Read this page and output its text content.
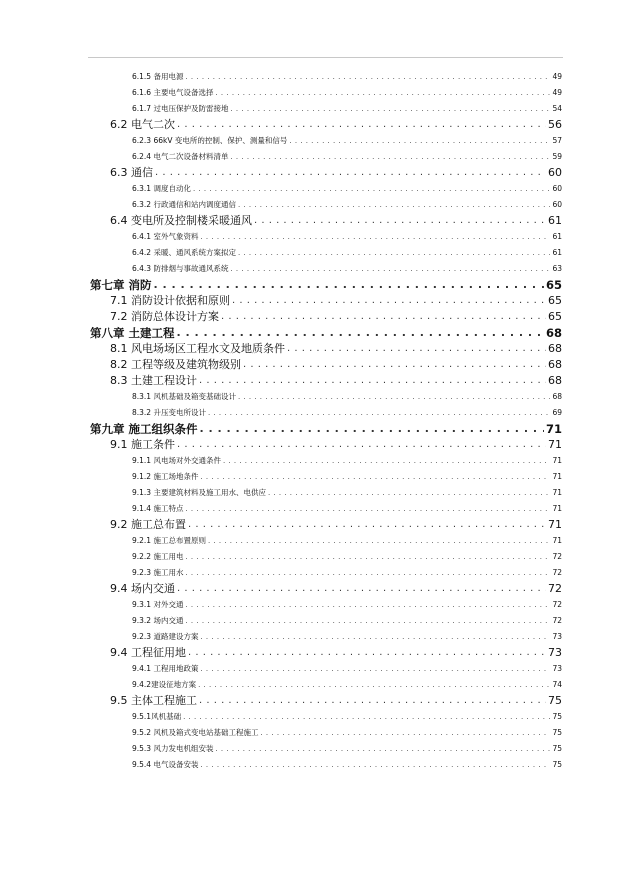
6.1.5 备用电源 . . .	49
6.1.6 主要电气设备选择 . . .	49
6.1.7 过电压保护及防雷接地 . . .	54
6.2 电气二次 . . .	56
6.2.3 66kV 变电所的控制、保护、测量和信号 . . .	57
6.2.4 电气二次设备材料清单 . . .	59
6.3 通信 . . .	60
6.3.1 调度自动化 . . .	60
6.3.2 行政通信和站内调度通信 . . .	60
6.4 变电所及控制楼采暖通风 . . .	61
6.4.1 室外气象资料 . . .	61
6.4.2 采暖、通风系统方案拟定 . . .	61
6.4.3 防排烟与事故通风系统 . . .	63
第七章 消防 . . .	65
7.1 消防设计依据和原则 . . .	65
7.2 消防总体设计方案 . . .	65
第八章 土建工程 . . .	68
8.1 风电场场区工程水文及地质条件 . . .	68
8.2 工程等级及建筑物级别 . . .	68
8.3 土建工程设计 . . .	68
8.3.1 风机基础及箱变基础设计 . . .	68
8.3.2 升压变电所设计 . . .	69
第九章 施工组织条件 . . .	71
9.1 施工条件 . . .	71
9.1.1 风电场对外交通条件 . . .	71
9.1.2 施工场地条件 . . .	71
9.1.3 主要建筑材料及施工用水、电供应 . . .	71
9.1.4 施工特点 . . .	71
9.2 施工总布置 . . .	71
9.2.1 施工总布置原则 . . .	71
9.2.2 施工用电 . . .	72
9.2.3 施工用水 . . .	72
9.4 场内交通 . . .	72
9.3.1 对外交通 . . .	72
9.3.2 场内交通 . . .	72
9.2.3 道路建设方案 . . .	73
9.4 工程征用地 . . .	73
9.4.1 工程用地政策 . . .	73
9.4.2建设征地方案 . . .	74
9.5 主体工程施工 . . .	75
9.5.1风机基础 . . .	75
9.5.2 风机及箱式变电站基础工程施工 . . .	75
9.5.3 风力发电机组安装 . . .	75
9.5.4 电气设备安装 . . .	75
